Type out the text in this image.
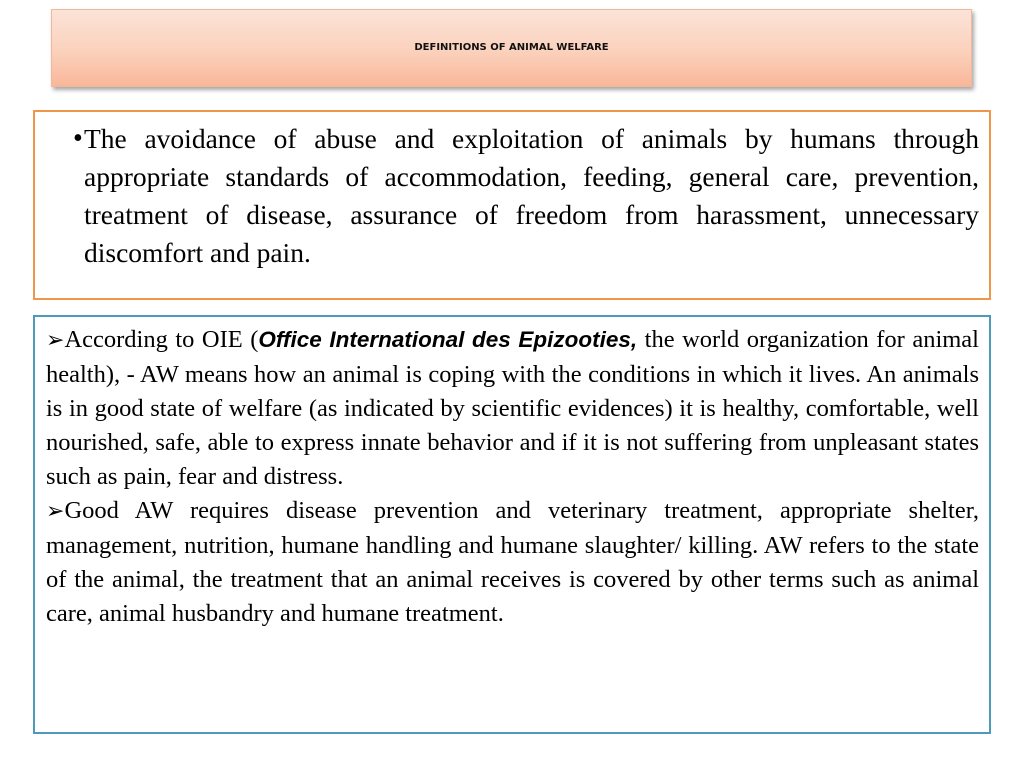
DEFINITIONS OF ANIMAL WELFARE
• The avoidance of abuse and exploitation of animals by humans through appropriate standards of accommodation, feeding, general care, prevention, treatment of disease, assurance of freedom from harassment, unnecessary discomfort and pain.

➢According to OIE (Office International des Epizooties, the world organization for animal health), - AW means how an animal is coping with the conditions in which it lives. An animals is in good state of welfare (as indicated by scientific evidences) it is healthy, comfortable, well nourished, safe, able to express innate behavior and if it is not suffering from unpleasant states such as pain, fear and distress.

➢Good AW requires disease prevention and veterinary treatment, appropriate shelter, management, nutrition, humane handling and humane slaughter/ killing. AW refers to the state of the animal, the treatment that an animal receives is covered by other terms such as animal care, animal husbandry and humane treatment.
